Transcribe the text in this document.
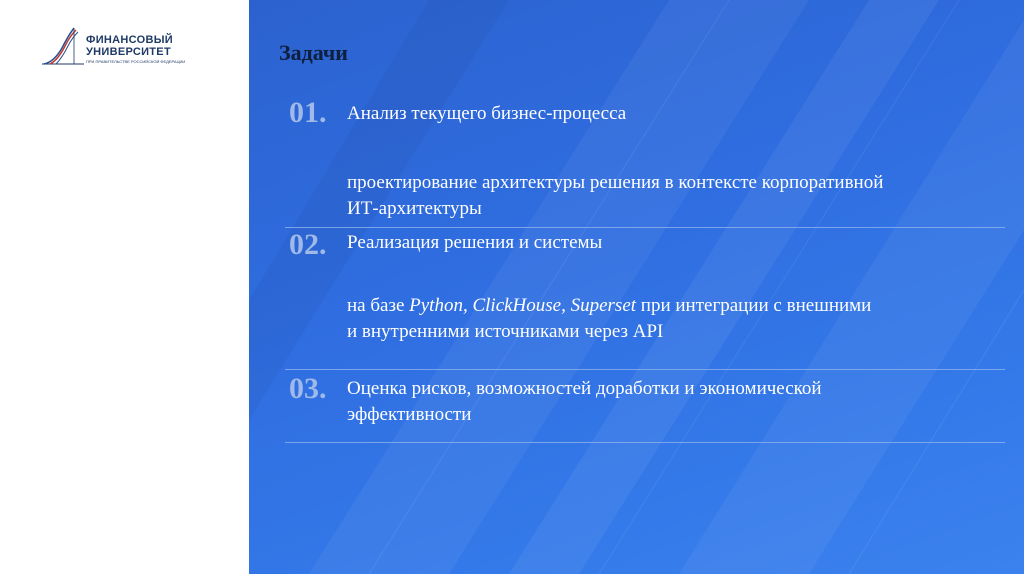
ФИНАНСОВЫЙ
УНИВЕРСИТЕТ
ПРИ ПРАВИТЕЛЬСТВЕ РОССИЙСКОЙ ФЕДЕРАЦИИ	Задачи
01. Анализ текущего бизнес-процесса
проектирование архитектуры решения в контексте корпоративной
ИТ-архитектуры
02. Реализация решения и системы
на базе Python, ClickHouse, Superset при интеграции с внешними
и внутренними источниками через API
03. Оценка рисков, возможностей доработки и экономической
эффективности
